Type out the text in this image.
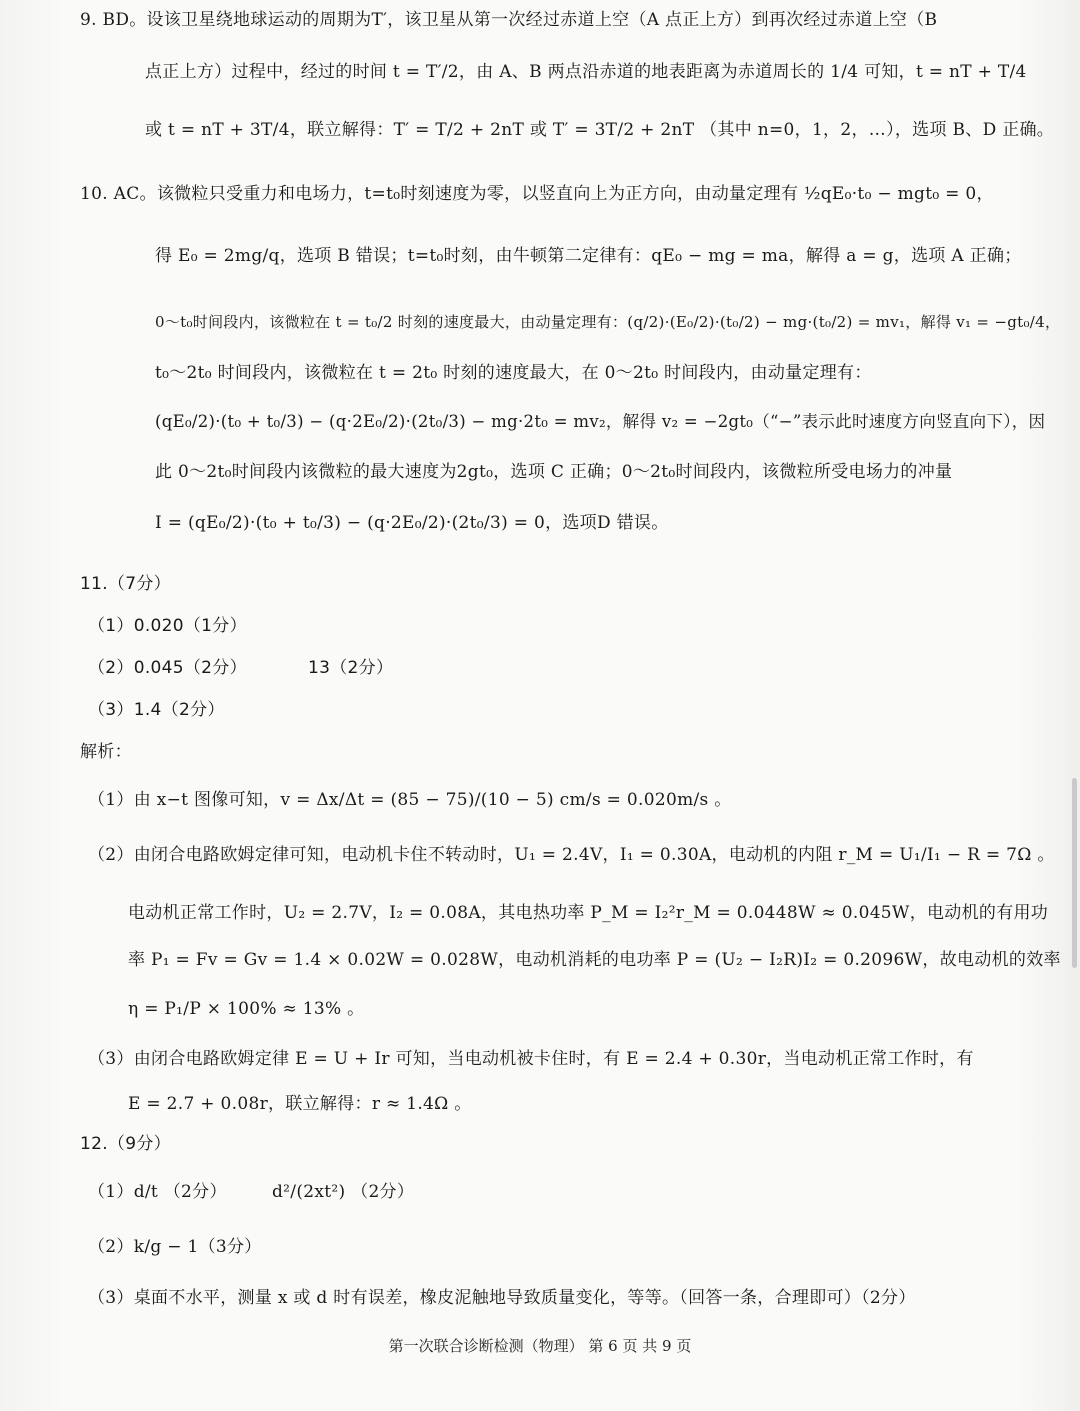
9. BD。设该卫星绕地球运动的周期为T′，该卫星从第一次经过赤道上空（A 点正上方）到再次经过赤道上空（B
点正上方）过程中，经过的时间 t = T′/2，由 A、B 两点沿赤道的地表距离为赤道周长的 1/4 可知，t = nT + T/4
或 t = nT + 3T/4，联立解得：T′ = T/2 + 2nT 或 T′ = 3T/2 + 2nT （其中 n=0，1，2，…），选项 B、D 正确。
10. AC。该微粒只受重力和电场力，t=t₀时刻速度为零，以竖直向上为正方向，由动量定理有 ½qE₀·t₀ − mgt₀ = 0，
得 E₀ = 2mg/q，选项 B 错误；t=t₀时刻，由牛顿第二定律有：qE₀ − mg = ma，解得 a = g，选项 A 正确；
0～t₀时间段内，该微粒在 t = t₀/2 时刻的速度最大，由动量定理有：(q/2)·(E₀/2)·(t₀/2) − mg·(t₀/2) = mv₁，解得 v₁ = −gt₀/4，
t₀～2t₀ 时间段内，该微粒在 t = 2t₀ 时刻的速度最大，在 0～2t₀ 时间段内，由动量定理有：
(qE₀/2)·(t₀ + t₀/3) − (q·2E₀/2)·(2t₀/3) − mg·2t₀ = mv₂，解得 v₂ = −2gt₀（“−”表示此时速度方向竖直向下），因
此 0～2t₀时间段内该微粒的最大速度为2gt₀，选项 C 正确；0～2t₀时间段内，该微粒所受电场力的冲量
I = (qE₀/2)·(t₀ + t₀/3) − (q·2E₀/2)·(2t₀/3) = 0，选项D 错误。
11.（7分）
（1）0.020（1分）
（2）0.045（2分）	13（2分）
（3）1.4（2分）
解析：
（1）由 x−t 图像可知，v = Δx/Δt = (85 − 75)/(10 − 5) cm/s = 0.020m/s 。
（2）由闭合电路欧姆定律可知，电动机卡住不转动时，U₁ = 2.4V，I₁ = 0.30A，电动机的内阻 r_M = U₁/I₁ − R = 7Ω 。
电动机正常工作时，U₂ = 2.7V，I₂ = 0.08A，其电热功率 P_M = I₂²r_M = 0.0448W ≈ 0.045W，电动机的有用功
率 P₁ = Fv = Gv = 1.4 × 0.02W = 0.028W，电动机消耗的电功率 P = (U₂ − I₂R)I₂ = 0.2096W，故电动机的效率
η = P₁/P × 100% ≈ 13% 。
（3）由闭合电路欧姆定律 E = U + Ir 可知，当电动机被卡住时，有 E = 2.4 + 0.30r，当电动机正常工作时，有
E = 2.7 + 0.08r，联立解得：r ≈ 1.4Ω 。
12.（9分）
（1）d/t （2分）	d²/(2xt²) （2分）
（2）k/g − 1（3分）
（3）桌面不水平，测量 x 或 d 时有误差，橡皮泥触地导致质量变化，等等。（回答一条，合理即可）（2分）
第一次联合诊断检测（物理） 第 6 页 共 9 页
